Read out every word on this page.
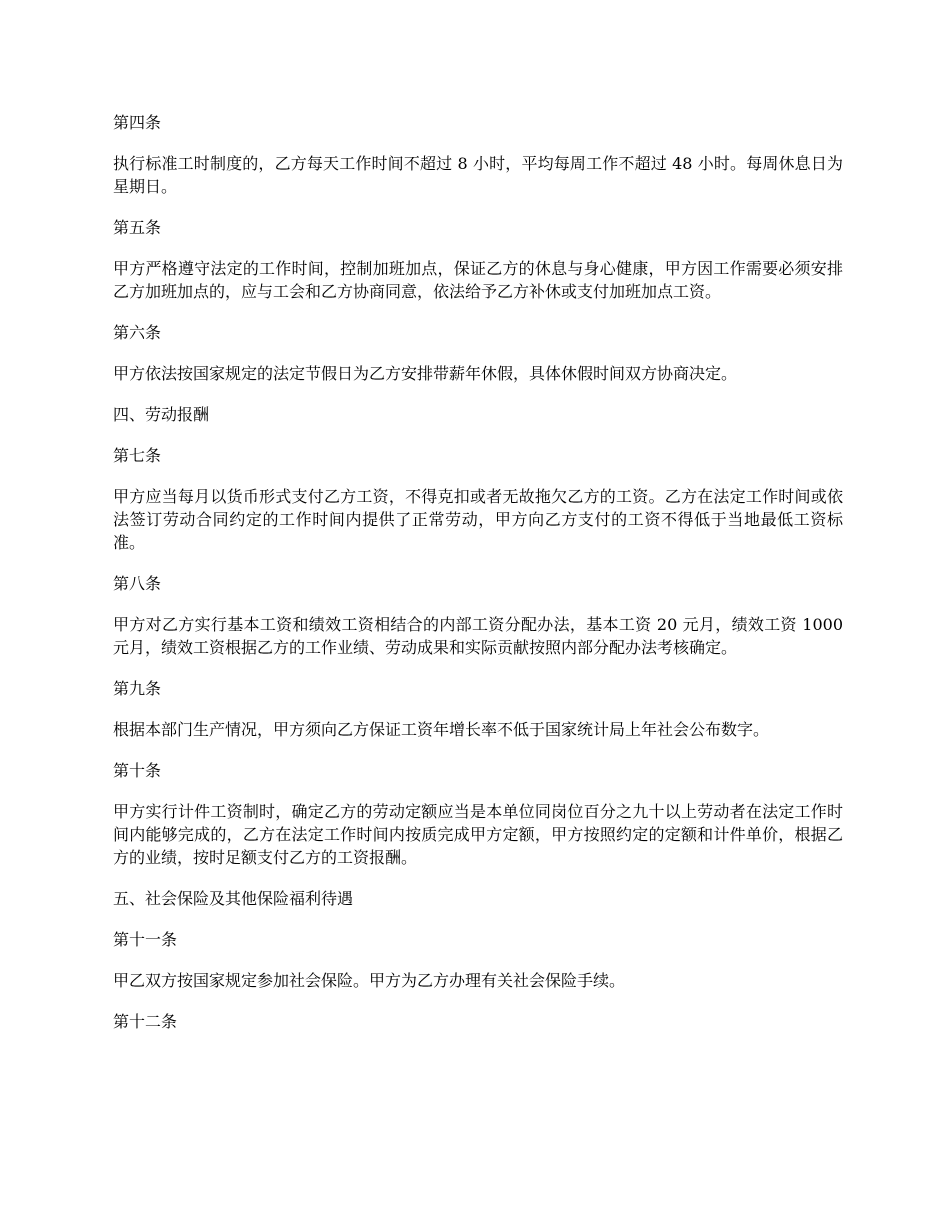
第四条

执行标准工时制度的，乙方每天工作时间不超过 8 小时，平均每周工作不超过 48 小时。每周休息日为星期日。

第五条

甲方严格遵守法定的工作时间，控制加班加点，保证乙方的休息与身心健康，甲方因工作需要必须安排乙方加班加点的，应与工会和乙方协商同意，依法给予乙方补休或支付加班加点工资。

第六条

甲方依法按国家规定的法定节假日为乙方安排带薪年休假，具体休假时间双方协商决定。

四、劳动报酬

第七条

甲方应当每月以货币形式支付乙方工资，不得克扣或者无故拖欠乙方的工资。乙方在法定工作时间或依法签订劳动合同约定的工作时间内提供了正常劳动，甲方向乙方支付的工资不得低于当地最低工资标准。

第八条

甲方对乙方实行基本工资和绩效工资相结合的内部工资分配办法，基本工资 20 元月，绩效工资 1000 元月，绩效工资根据乙方的工作业绩、劳动成果和实际贡献按照内部分配办法考核确定。

第九条

根据本部门生产情况，甲方须向乙方保证工资年增长率不低于国家统计局上年社会公布数字。

第十条

甲方实行计件工资制时，确定乙方的劳动定额应当是本单位同岗位百分之九十以上劳动者在法定工作时间内能够完成的，乙方在法定工作时间内按质完成甲方定额，甲方按照约定的定额和计件单价，根据乙方的业绩，按时足额支付乙方的工资报酬。

五、社会保险及其他保险福利待遇

第十一条

甲乙双方按国家规定参加社会保险。甲方为乙方办理有关社会保险手续。

第十二条
